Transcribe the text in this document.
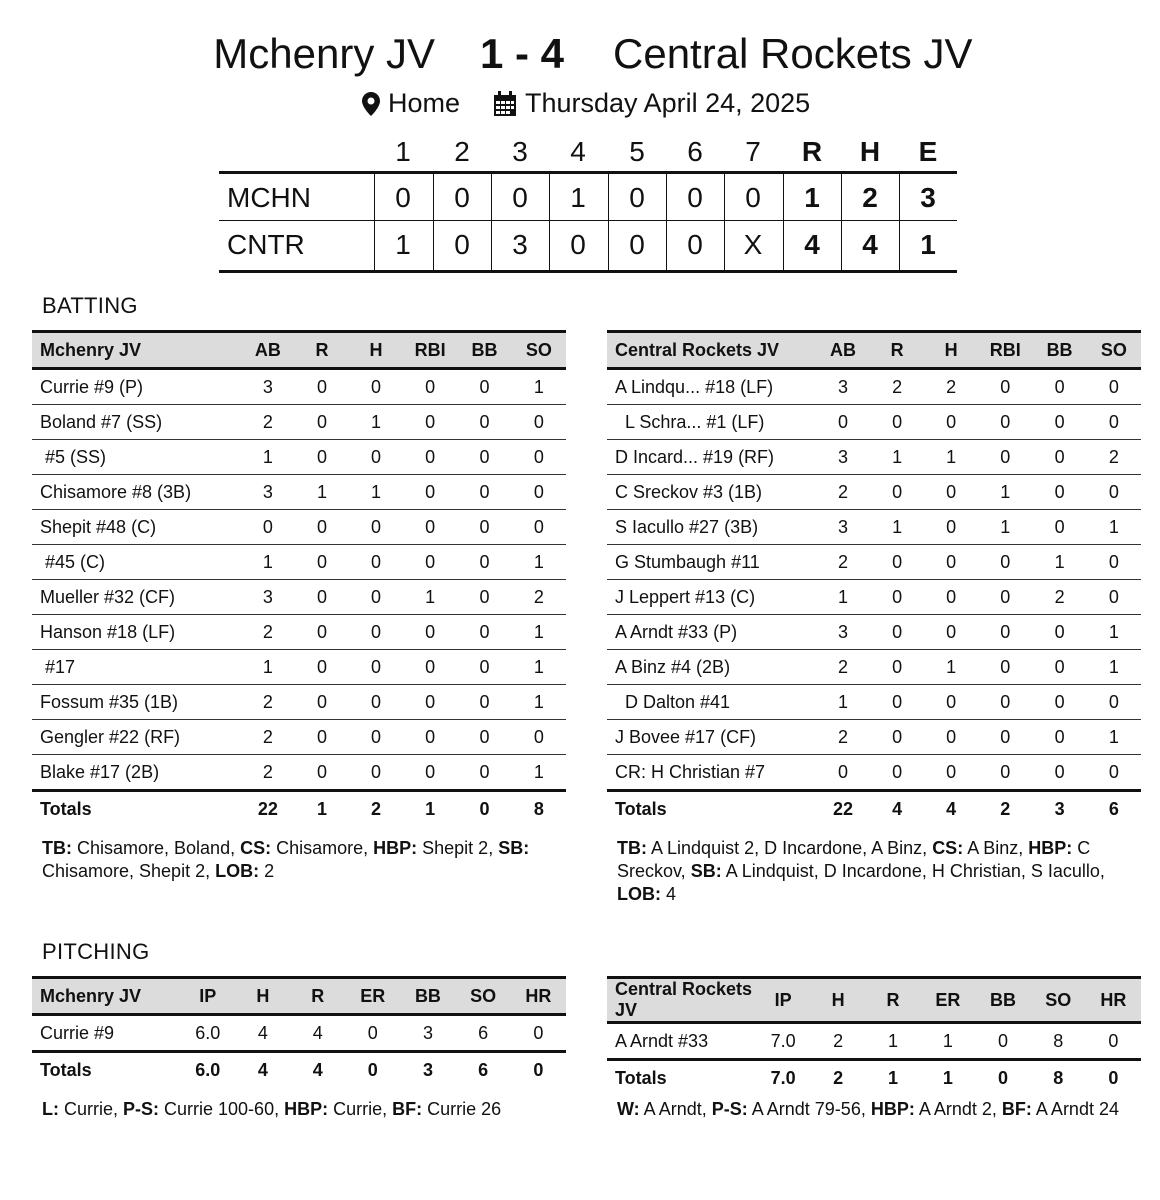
Mchenry JV 1 - 4 Central Rockets JV
Home Thursday April 24, 2025
1	2	3	4	5	6	7	R	H	E
MCHN	0	0	0	1	0	0	0	1	2	3
CNTR	1	0	3	0	0	0	X	4	4	1
BATTING
Mchenry JV	AB	R	H	RBI	BB	SO
Currie #9 (P)	3	0	0	0	0	1
Boland #7 (SS)	2	0	1	0	0	0
#5 (SS)	1	0	0	0	0	0
Chisamore #8 (3B)	3	1	1	0	0	0
Shepit #48 (C)	0	0	0	0	0	0
#45 (C)	1	0	0	0	0	1
Mueller #32 (CF)	3	0	0	1	0	2
Hanson #18 (LF)	2	0	0	0	0	1
#17	1	0	0	0	0	1
Fossum #35 (1B)	2	0	0	0	0	1
Gengler #22 (RF)	2	0	0	0	0	0
Blake #17 (2B)	2	0	0	0	0	1
Totals	22	1	2	1	0	8
Central Rockets JV	AB	R	H	RBI	BB	SO
A Lindqu... #18 (LF)	3	2	2	0	0	0
L Schra... #1 (LF)	0	0	0	0	0	0
D Incard... #19 (RF)	3	1	1	0	0	2
C Sreckov #3 (1B)	2	0	0	1	0	0
S Iacullo #27 (3B)	3	1	0	1	0	1
G Stumbaugh #11	2	0	0	0	1	0
J Leppert #13 (C)	1	0	0	0	2	0
A Arndt #33 (P)	3	0	0	0	0	1
A Binz #4 (2B)	2	0	1	0	0	1
D Dalton #41	1	0	0	0	0	0
J Bovee #17 (CF)	2	0	0	0	0	1
CR: H Christian #7	0	0	0	0	0	0
Totals	22	4	4	2	3	6
TB: Chisamore, Boland, CS: Chisamore, HBP: Shepit 2, SB: Chisamore, Shepit 2, LOB: 2
TB: A Lindquist 2, D Incardone, A Binz, CS: A Binz, HBP: C Sreckov, SB: A Lindquist, D Incardone, H Christian, S Iacullo, LOB: 4
PITCHING
Mchenry JV	IP	H	R	ER	BB	SO	HR
Currie #9	6.0	4	4	0	3	6	0
Totals	6.0	4	4	0	3	6	0
Central Rockets JV	IP	H	R	ER	BB	SO	HR
A Arndt #33	7.0	2	1	1	0	8	0
Totals	7.0	2	1	1	0	8	0
L: Currie, P-S: Currie 100-60, HBP: Currie, BF: Currie 26	W: A Arndt, P-S: A Arndt 79-56, HBP: A Arndt 2, BF: A Arndt 24
